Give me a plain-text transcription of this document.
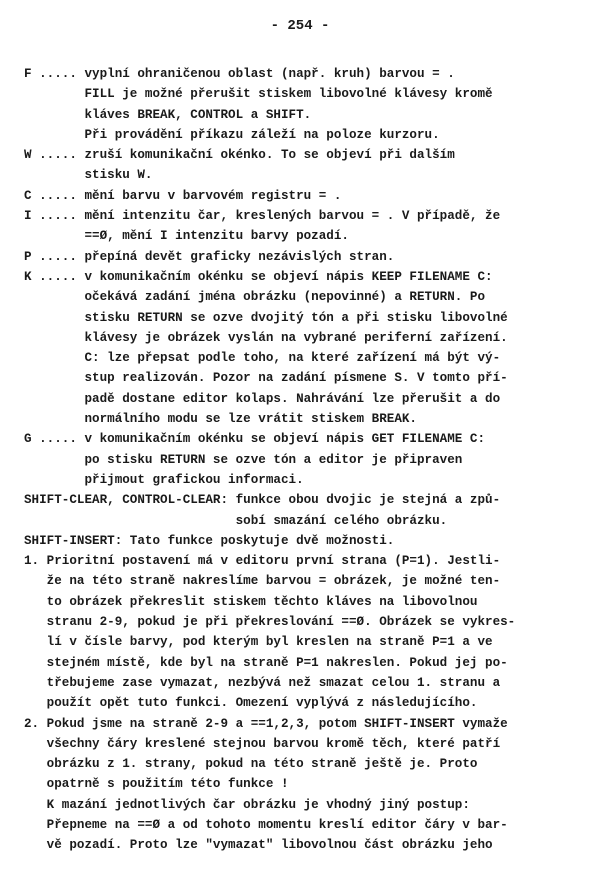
- 254 -
F ..... vyplní ohraničenou oblast (např. kruh) barvou = .
FILL je možné přerušit stiskem libovolné klávesy kromě
kláves BREAK, CONTROL a SHIFT.
Při provádění příkazu záleží na poloze kurzoru.
W ..... zruší komunikační okénko. To se objeví při dalším
stisku W.
C ..... mění barvu v barvovém registru = .
I ..... mění intenzitu čar, kreslených barvou = . V případě, že
==Ø, mění I intenzitu barvy pozadí.
P ..... přepíná devět graficky nezávislých stran.
K ..... v komunikačním okénku se objeví nápis KEEP FILENAME C:
očekává zadání jména obrázku (nepovinné) a RETURN. Po
stisku RETURN se ozve dvojitý tón a při stisku libovolné
klávesy je obrázek vyslán na vybrané periferní zařízení.
C: lze přepsat podle toho, na které zařízení má být vý-
stup realizován. Pozor na zadání písmene S. V tomto pří-
padě dostane editor kolaps. Nahrávání lze přerušit a do
normálního modu se lze vrátit stiskem BREAK.
G ..... v komunikačním okénku se objeví nápis GET FILENAME C:
po stisku RETURN se ozve tón a editor je připraven
přijmout grafickou informaci.
SHIFT-CLEAR, CONTROL-CLEAR: funkce obou dvojic je stejná a způ-
sobí smazání celého obrázku.
SHIFT-INSERT: Tato funkce poskytuje dvě možnosti.
1. Prioritní postavení má v editoru první strana (P=1). Jestli-
že na této straně nakreslíme barvou = obrázek, je možné ten-
to obrázek překreslit stiskem těchto kláves na libovolnou
stranu 2-9, pokud je při překreslování ==Ø. Obrázek se vykres-
lí v čísle barvy, pod kterým byl kreslen na straně P=1 a ve
stejném místě, kde byl na straně P=1 nakreslen. Pokud jej po-
třebujeme zase vymazat, nezbývá než smazat celou 1. stranu a
použít opět tuto funkci. Omezení vyplývá z následujícího.
2. Pokud jsme na straně 2-9 a ==1,2,3, potom SHIFT-INSERT vymaže
všechny čáry kreslené stejnou barvou kromě těch, které patří
obrázku z 1. strany, pokud na této straně ještě je. Proto
opatrně s použitím této funkce !
K mazání jednotlivých čar obrázku je vhodný jiný postup:
Přepneme na ==Ø a od tohoto momentu kreslí editor čáry v bar-
vě pozadí. Proto lze "vymazat" libovolnou část obrázku jeho
